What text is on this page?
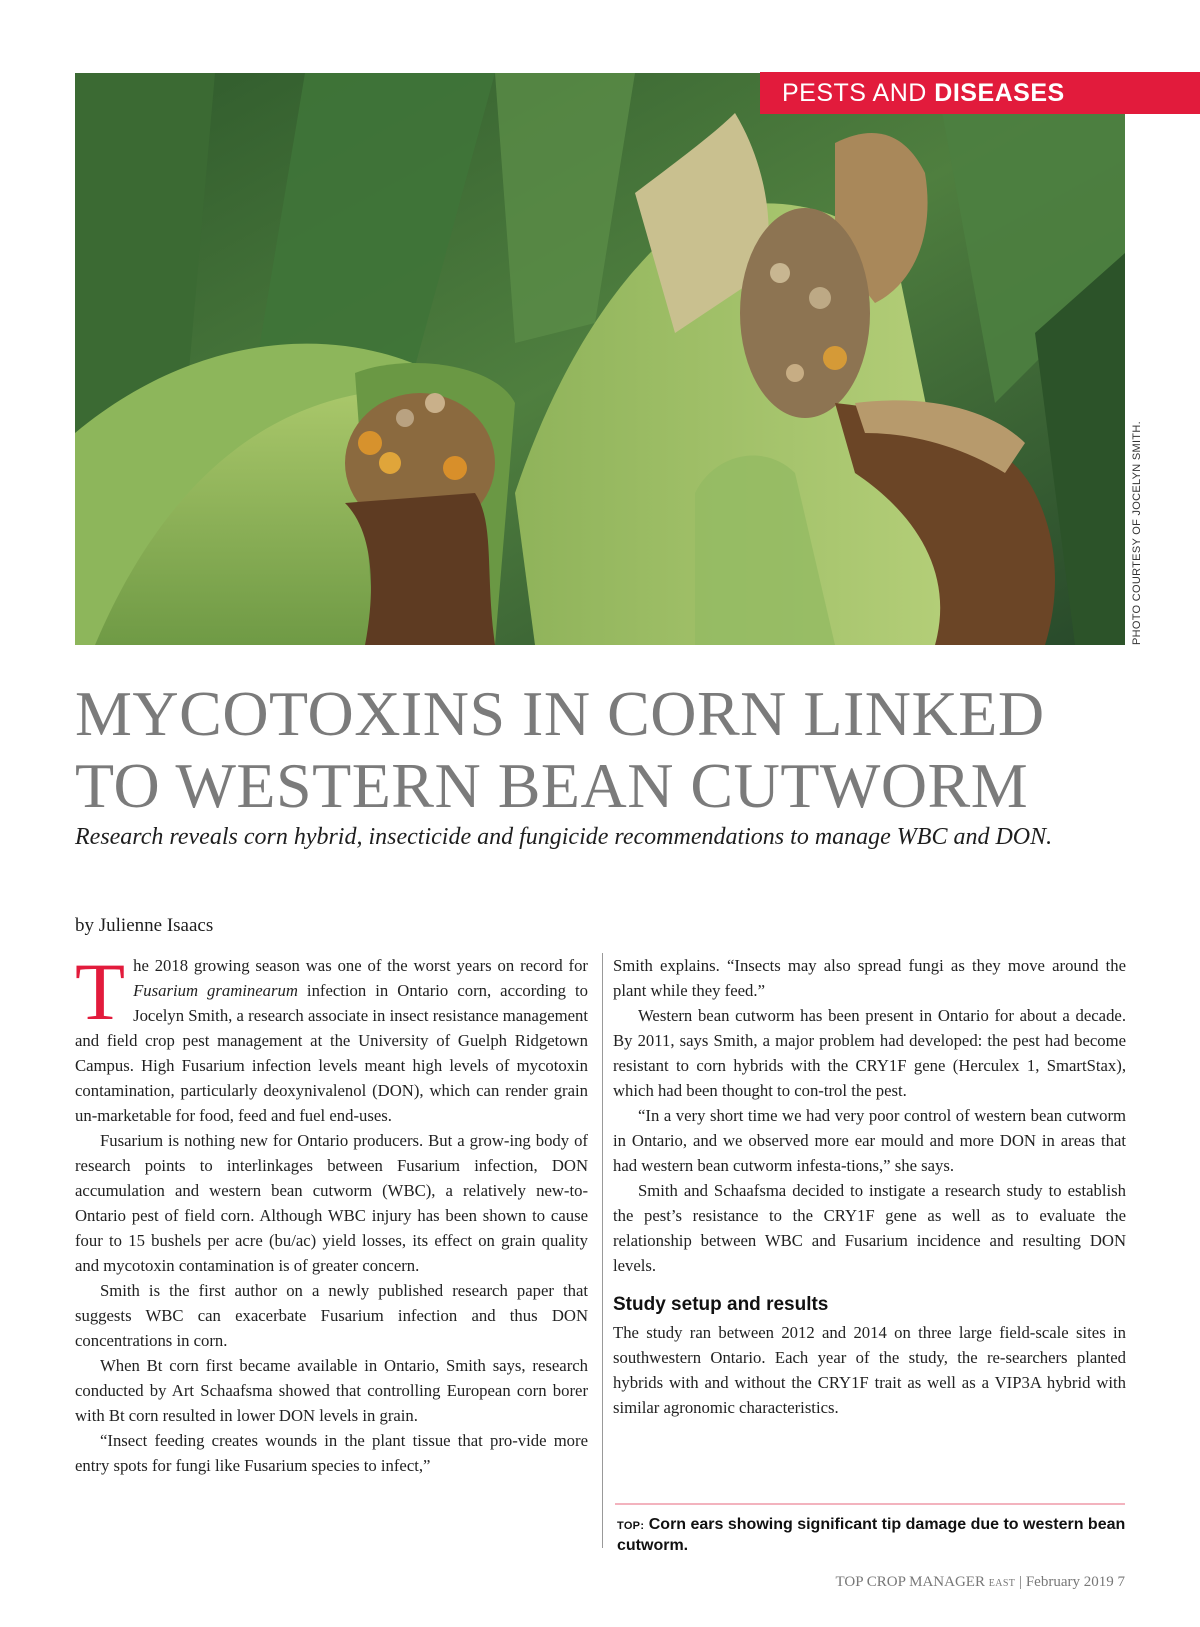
PESTS AND DISEASES
PHOTO COURTESY OF JOCELYN SMITH.
MYCOTOXINS IN CORN LINKED
TO WESTERN BEAN CUTWORM

Research reveals corn hybrid, insecticide and fungicide recommendations to manage WBC and DON.

by Julienne Isaacs

The 2018 growing season was one of the worst years on record for Fusarium graminearum infection in Ontario corn, according to Jocelyn Smith, a research associate in insect resistance management and field crop pest management at the University of Guelph Ridgetown Campus. High Fusarium infection levels meant high levels of mycotoxin contamination, particularly deoxynivalenol (DON), which can render grain un-marketable for food, feed and fuel end-uses.

Fusarium is nothing new for Ontario producers. But a grow-ing body of research points to interlinkages between Fusarium infection, DON accumulation and western bean cutworm (WBC), a relatively new-to-Ontario pest of field corn. Although WBC injury has been shown to cause four to 15 bushels per acre (bu/ac) yield losses, its effect on grain quality and mycotoxin contamination is of greater concern.

Smith is the first author on a newly published research paper that suggests WBC can exacerbate Fusarium infection and thus DON concentrations in corn.

When Bt corn first became available in Ontario, Smith says, research conducted by Art Schaafsma showed that controlling European corn borer with Bt corn resulted in lower DON levels in grain.

“Insect feeding creates wounds in the plant tissue that pro-vide more entry spots for fungi like Fusarium species to infect,”

Smith explains. “Insects may also spread fungi as they move around the plant while they feed.”

Western bean cutworm has been present in Ontario for about a decade. By 2011, says Smith, a major problem had developed: the pest had become resistant to corn hybrids with the CRY1F gene (Herculex 1, SmartStax), which had been thought to con-trol the pest.

“In a very short time we had very poor control of western bean cutworm in Ontario, and we observed more ear mould and more DON in areas that had western bean cutworm infesta-tions,” she says.

Smith and Schaafsma decided to instigate a research study to establish the pest’s resistance to the CRY1F gene as well as to evaluate the relationship between WBC and Fusarium incidence and resulting DON levels.

Study setup and results

The study ran between 2012 and 2014 on three large field-scale sites in southwestern Ontario. Each year of the study, the re-searchers planted hybrids with and without the CRY1F trait as well as a VIP3A hybrid with similar agronomic characteristics.

TOP: Corn ears showing significant tip damage due to western bean cutworm.
TOP CROP MANAGER EAST | February 2019 7
